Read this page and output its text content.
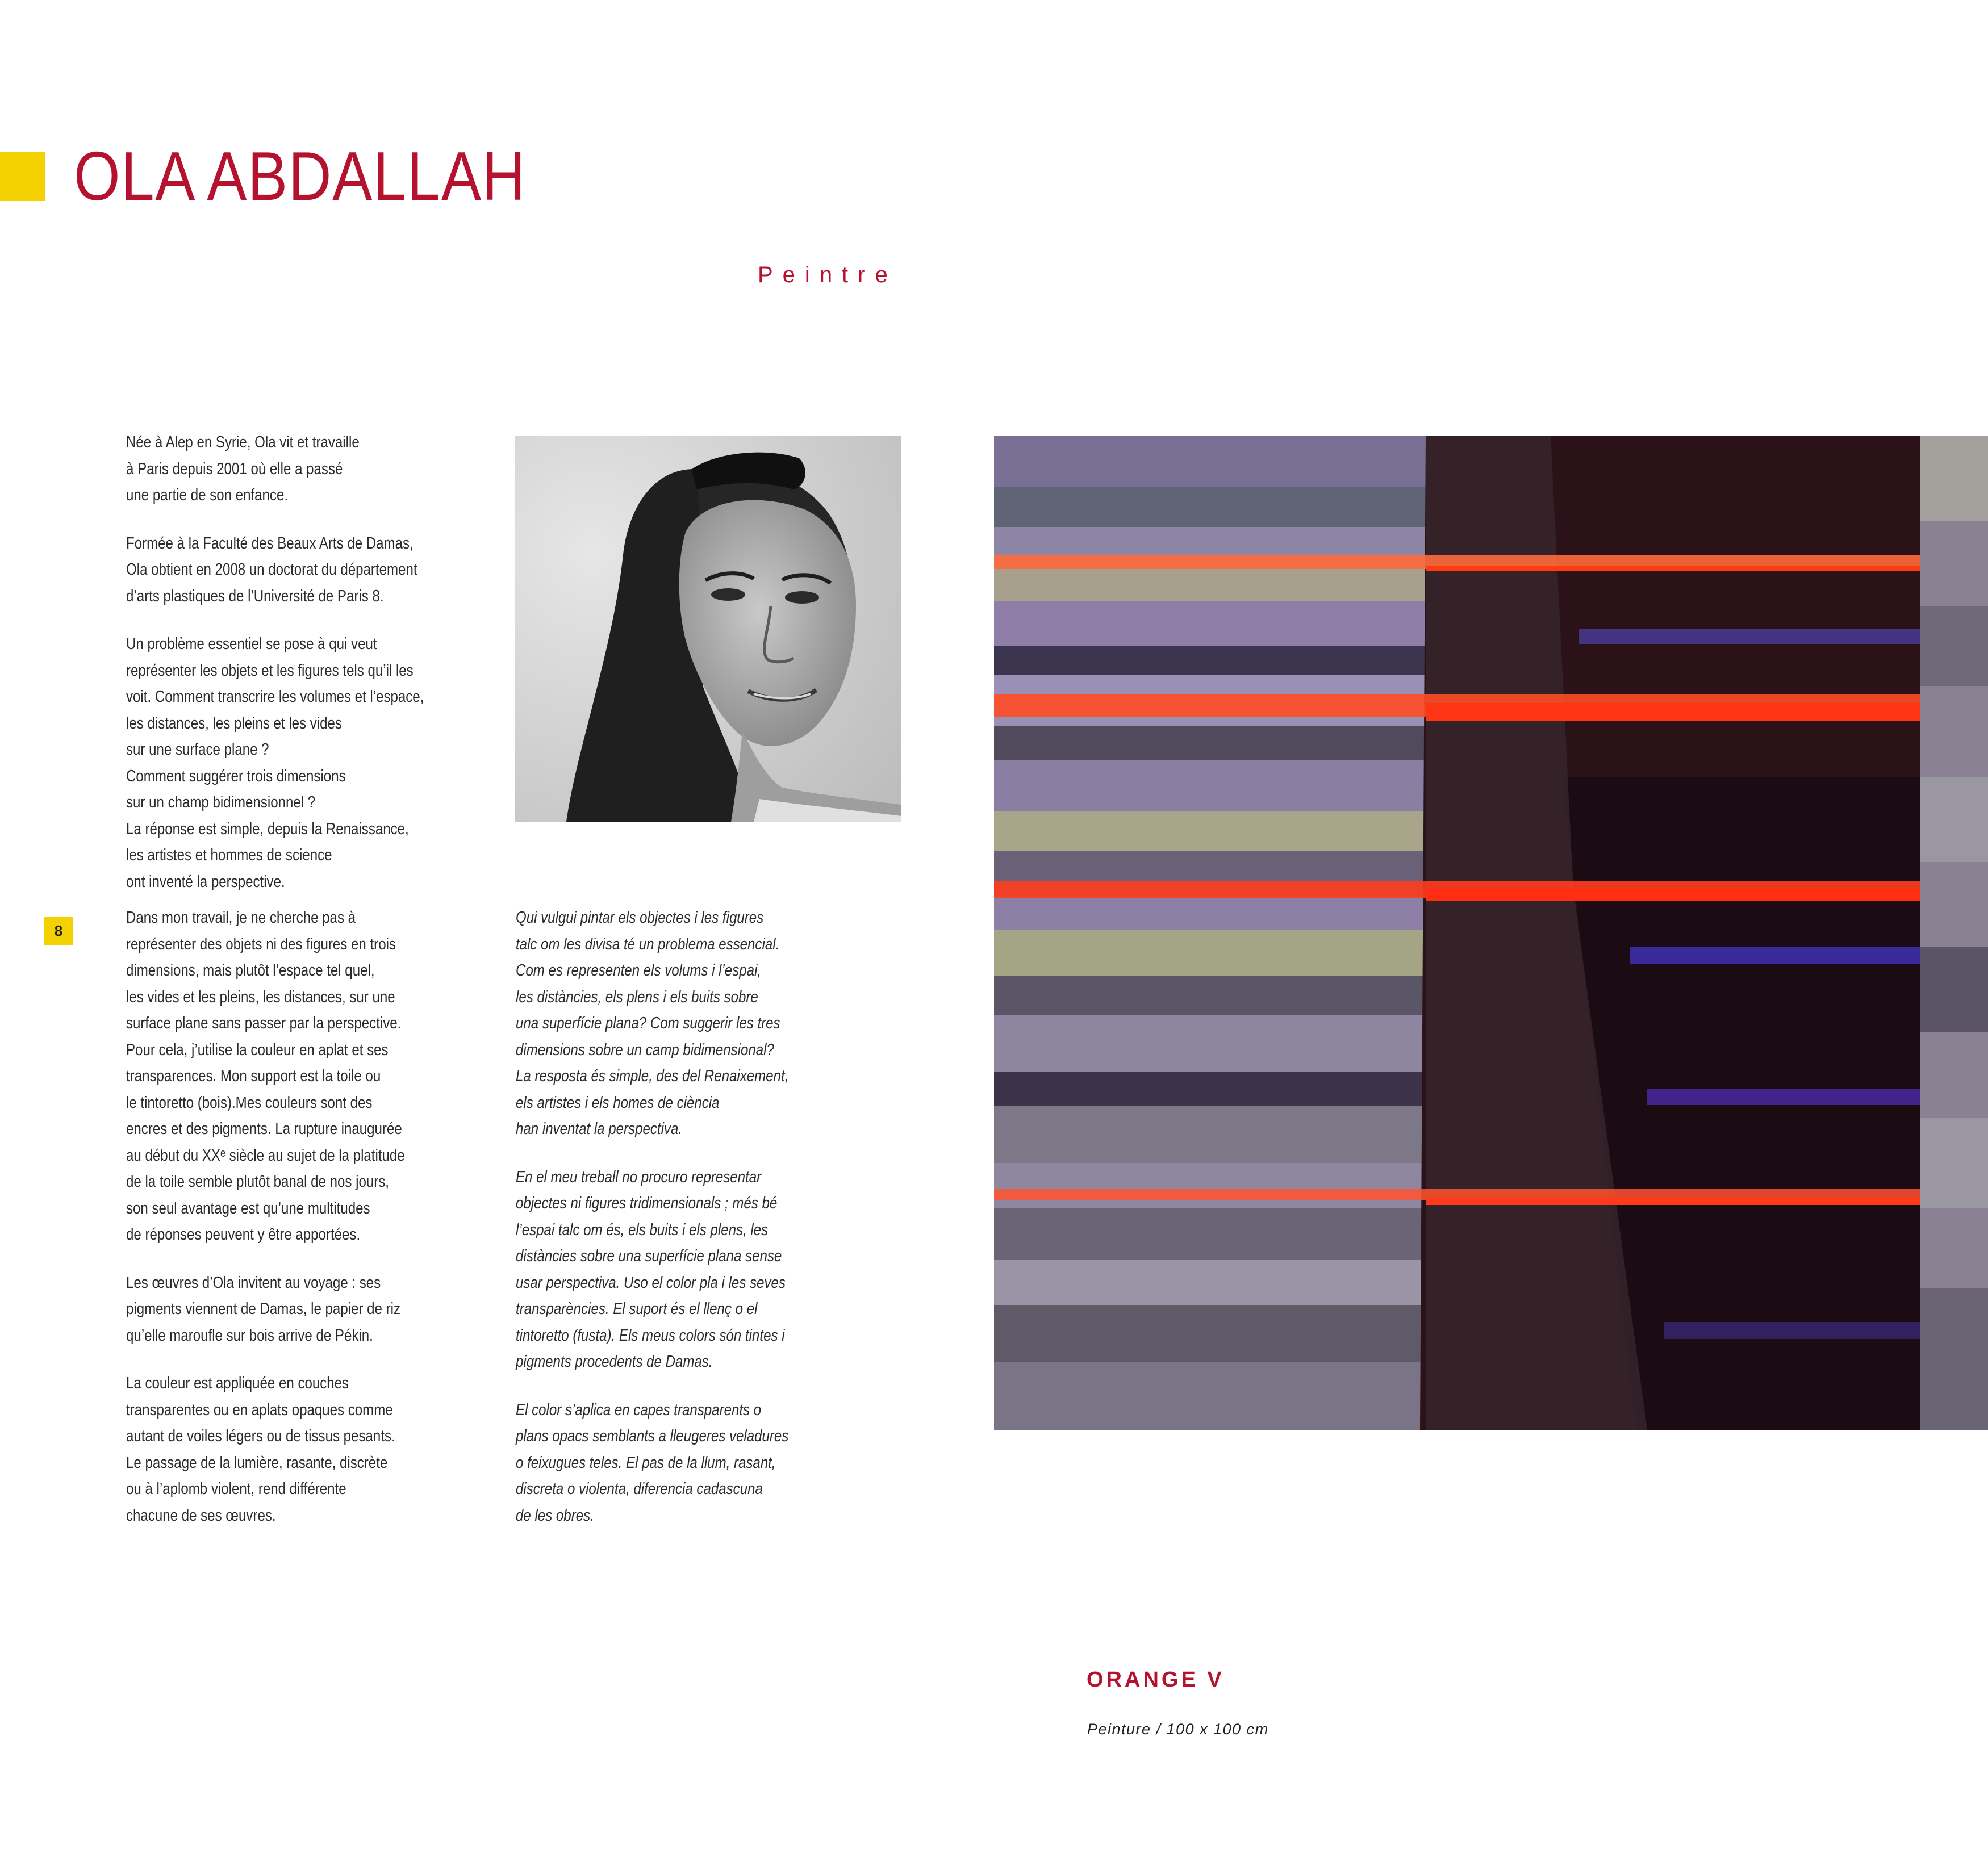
OLA ABDALLAH
Peintre
8

Née à Alep en Syrie, Ola vit et travaille
à Paris depuis 2001 où elle a passé
une partie de son enfance.

Formée à la Faculté des Beaux Arts de Damas,
Ola obtient en 2008 un doctorat du département
d’arts plastiques de l’Université de Paris 8.

Un problème essentiel se pose à qui veut
représenter les objets et les figures tels qu’il les
voit. Comment transcrire les volumes et l’espace,
les distances, les pleins et les vides
sur une surface plane ?
Comment suggérer trois dimensions
sur un champ bidimensionnel ?
La réponse est simple, depuis la Renaissance,
les artistes et hommes de science
ont inventé la perspective.

Dans mon travail, je ne cherche pas à
représenter des objets ni des figures en trois
dimensions, mais plutôt l’espace tel quel,
les vides et les pleins, les distances, sur une
surface plane sans passer par la perspective.
Pour cela, j’utilise la couleur en aplat et ses
transparences. Mon support est la toile ou
le tintoretto (bois).Mes couleurs sont des
encres et des pigments. La rupture inaugurée
au début du XXᵉ siècle au sujet de la platitude
de la toile semble plutôt banal de nos jours,
son seul avantage est qu’une multitudes
de réponses peuvent y être apportées.

Les œuvres d’Ola invitent au voyage : ses
pigments viennent de Damas, le papier de riz
qu’elle maroufle sur bois arrive de Pékin.

La couleur est appliquée en couches
transparentes ou en aplats opaques comme
autant de voiles légers ou de tissus pesants.
Le passage de la lumière, rasante, discrète
ou à l’aplomb violent, rend différente
chacune de ses œuvres.

Qui vulgui pintar els objectes i les figures
talc om les divisa té un problema essencial.
Com es representen els volums i l’espai,
les distàncies, els plens i els buits sobre
una superfície plana? Com suggerir les tres
dimensions sobre un camp bidimensional?
La resposta és simple, des del Renaixement,
els artistes i els homes de ciència
han inventat la perspectiva.

En el meu treball no procuro representar
objectes ni figures tridimensionals ; més bé
l’espai talc om és, els buits i els plens, les
distàncies sobre una superfície plana sense
usar perspectiva. Uso el color pla i les seves
transparències. El suport és el llenç o el
tintoretto (fusta). Els meus colors són tintes i
pigments procedents de Damas.

El color s’aplica en capes transparents o
plans opacs semblants a lleugeres veladures
o feixugues teles. El pas de la llum, rasant,
discreta o violenta, diferencia cadascuna
de les obres.

ORANGE V
Peinture / 100 x 100 cm
